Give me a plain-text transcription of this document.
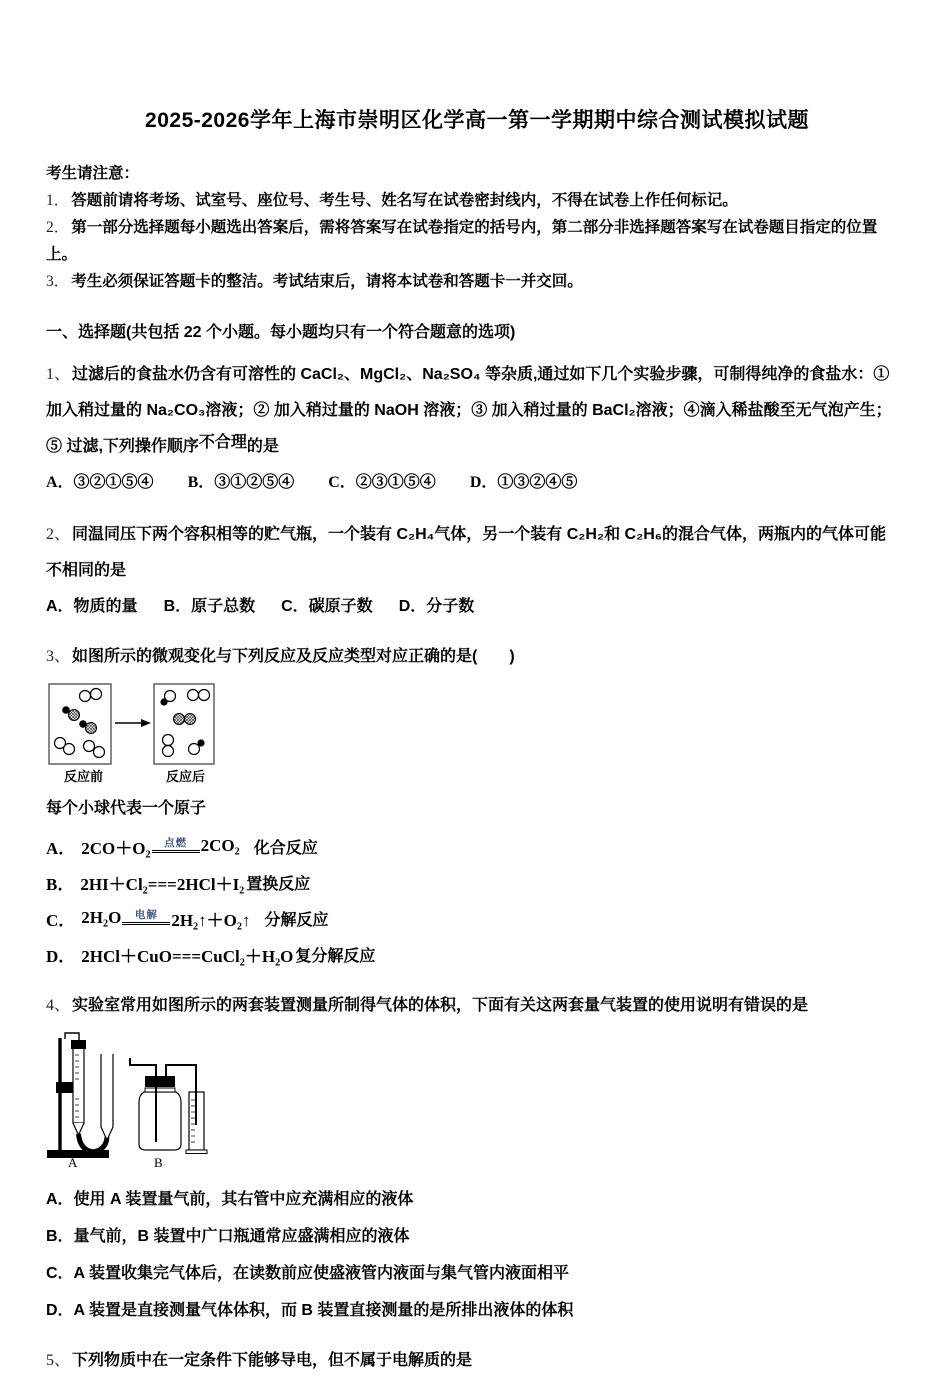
2025-2026学年上海市崇明区化学高一第一学期期中综合测试模拟试题
考生请注意：
1． 答题前请将考场、试室号、座位号、考生号、姓名写在试卷密封线内，不得在试卷上作任何标记。
2． 第一部分选择题每小题选出答案后，需将答案写在试卷指定的括号内，第二部分非选择题答案写在试卷题目指定的位置上。
3． 考生必须保证答题卡的整洁。考试结束后，请将本试卷和答题卡一并交回。
一、选择题(共包括 22 个小题。每小题均只有一个符合题意的选项)
1、 过滤后的食盐水仍含有可溶性的 CaCl₂、MgCl₂、Na₂SO₄ 等杂质,通过如下几个实验步骤，可制得纯净的食盐水：①
加入稍过量的 Na₂CO₃溶液；② 加入稍过量的 NaOH 溶液；③ 加入稍过量的 BaCl₂溶液；④滴入稀盐酸至无气泡产生；
⑤ 过滤,下列操作顺序不合理的是
A．③②①⑤④ B．③①②⑤④ C．②③①⑤④ D．①③②④⑤
2、 同温同压下两个容积相等的贮气瓶，一个装有 C₂H₄气体，另一个装有 C₂H₂和 C₂H₆的混合气体，两瓶内的气体可能
不相同的是
A．物质的量 B．原子总数 C．碳原子数 D．分子数
3、 如图所示的微观变化与下列反应及反应类型对应正确的是(　　)
反应前	反应后
每个小球代表一个原子
A． 2CO＋O₂ 点燃 2CO₂ 化合反应
B． 2HI＋Cl₂===2HCl＋I₂ 置换反应
C． 2H₂O 电解 2H₂↑＋O₂↑ 分解反应
D． 2HCl＋CuO===CuCl₂＋H₂O 复分解反应
4、 实验室常用如图所示的两套装置测量所制得气体的体积，下面有关这两套量气装置的使用说明有错误的是
A	B
A．使用 A 装置量气前，其右管中应充满相应的液体
B．量气前，B 装置中广口瓶通常应盛满相应的液体
C．A 装置收集完气体后，在读数前应使盛液管内液面与集气管内液面相平
D．A 装置是直接测量气体体积，而 B 装置直接测量的是所排出液体的体积
5、 下列物质中在一定条件下能够导电，但不属于电解质的是
